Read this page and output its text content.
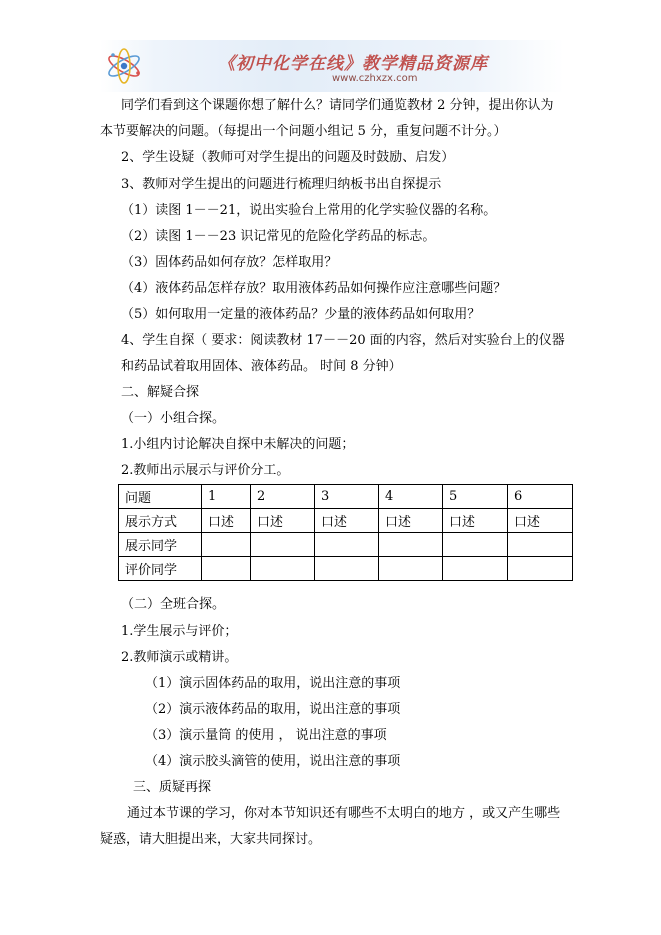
《初中化学在线》教学精品资源库
www.czhxzx.com
同学们看到这个课题你想了解什么？请同学们通览教材 2 分钟，提出你认为
本节要解决的问题。（每提出一个问题小组记 5 分，重复问题不计分。）
2、学生设疑（教师可对学生提出的问题及时鼓励、启发）
3、教师对学生提出的问题进行梳理归纳板书出自探提示
（1）读图 1－－21，说出实验台上常用的化学实验仪器的名称。
（2）读图 1－－23 识记常见的危险化学药品的标志。
（3）固体药品如何存放？怎样取用？
（4）液体药品怎样存放？取用液体药品如何操作应注意哪些问题？
（5）如何取用一定量的液体药品？少量的液体药品如何取用？
4、学生自探（ 要求：阅读教材 17－－20 面的内容，然后对实验台上的仪器
和药品试着取用固体、液体药品。 时间 8 分钟）
二、解疑合探
（一）小组合探。
1.小组内讨论解决自探中未解决的问题；
2.教师出示展示与评价分工。
问题	1	2	3	4	5	6
展示方式	口述	口述	口述	口述	口述	口述
展示同学						
评价同学						
（二）全班合探。
1.学生展示与评价；
2.教师演示或精讲。
（1）演示固体药品的取用，说出注意的事项
（2）演示液体药品的取用，说出注意的事项
（3）演示量筒 的使用 ， 说出注意的事项
（4）演示胶头滴管的使用，说出注意的事项
三、质疑再探
通过本节课的学习，你对本节知识还有哪些不太明白的地方 ，或又产生哪些
疑惑，请大胆提出来，大家共同探讨。
